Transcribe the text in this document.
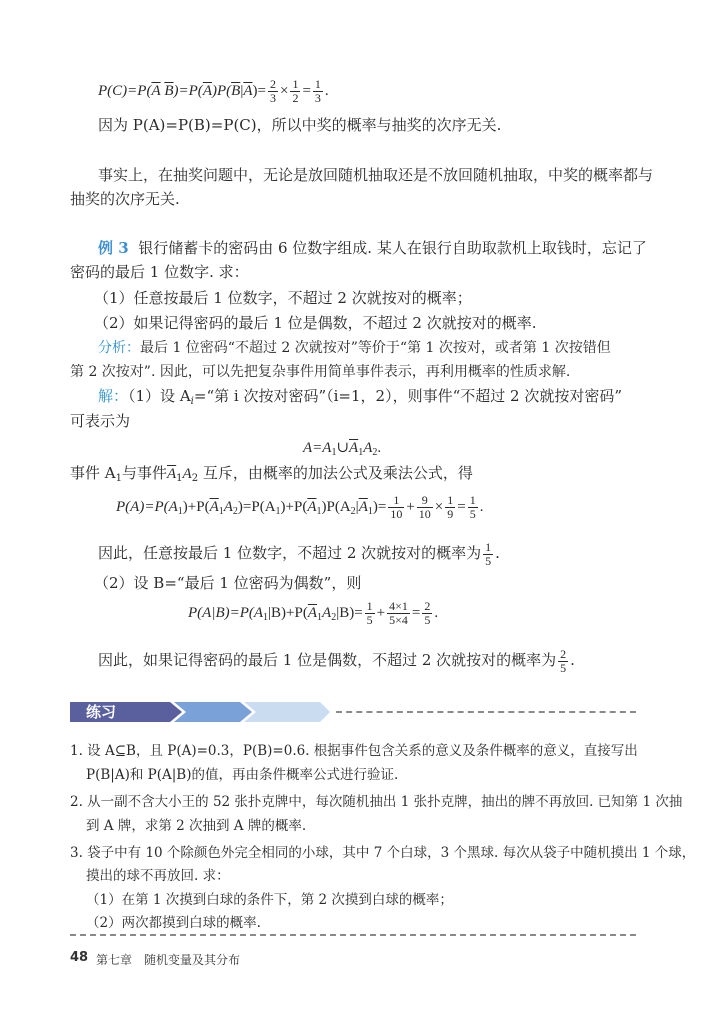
$P(C)=P(\overline{A}$ $\overline{B})=P(\overline{A})P(\overline{B}|\overline{A})= \frac{2}{3} \times \frac{1}{2} = \frac{1}{3}$ .
因为 P(A)=P(B)=P(C)，所以中奖的概率与抽奖的次序无关.
事实上，在抽奖问题中，无论是放回随机抽取还是不放回随机抽取，中奖的概率都与
抽奖的次序无关.
例 3 银行储蓄卡的密码由 6 位数字组成. 某人在银行自助取款机上取钱时，忘记了
密码的最后 1 位数字. 求：
（1）任意按最后 1 位数字，不超过 2 次就按对的概率；
（2）如果记得密码的最后 1 位是偶数，不超过 2 次就按对的概率.
分析：最后 1 位密码“不超过 2 次就按对”等价于“第 1 次按对，或者第 1 次按错但
第 2 次按对”. 因此，可以先把复杂事件用简单事件表示，再利用概率的性质求解.
解：（1）设 $A_i=“$第 i 次按对密码”（i=1，2），则事件“不超过 2 次就按对密码”
可表示为
$A=A_1\cup\overline{A}_1A_2$.
事件 $A_1$与事件$\overline{A}_1A_2$ 互斥，由概率的加法公式及乘法公式，得
$P(A)=P(A_1)+P(\overline{A}_1A_2)=P(A_1)+P(\overline{A}_1)P(A_2|\overline{A}_1)= \frac{1}{10} + \frac{9}{10} \times \frac{1}{9} = \frac{1}{5}$ .
因此，任意按最后 1 位数字，不超过 2 次就按对的概率为 $\frac{1}{5}$ .
（2）设 B=“最后 1 位密码为偶数”，则
$P(A|B)=P(A_1|B)+P(\overline{A}_1A_2|B)= \frac{1}{5} + \frac{4\times 1}{5\times 4} = \frac{2}{5}$ .
因此，如果记得密码的最后 1 位是偶数，不超过 2 次就按对的概率为 $\frac{2}{5}$ .
练习
1. 设 A⊆B，且 P(A)=0.3，P(B)=0.6. 根据事件包含关系的意义及条件概率的意义，直接写出
P(B|A)和 P(A|B)的值，再由条件概率公式进行验证.
2. 从一副不含大小王的 52 张扑克牌中，每次随机抽出 1 张扑克牌，抽出的牌不再放回. 已知第 1 次抽
到 A 牌，求第 2 次抽到 A 牌的概率.
3. 袋子中有 10 个除颜色外完全相同的小球，其中 7 个白球，3 个黑球. 每次从袋子中随机摸出 1 个球，
摸出的球不再放回. 求：
（1）在第 1 次摸到白球的条件下，第 2 次摸到白球的概率；
（2）两次都摸到白球的概率.
48 第七章　随机变量及其分布
